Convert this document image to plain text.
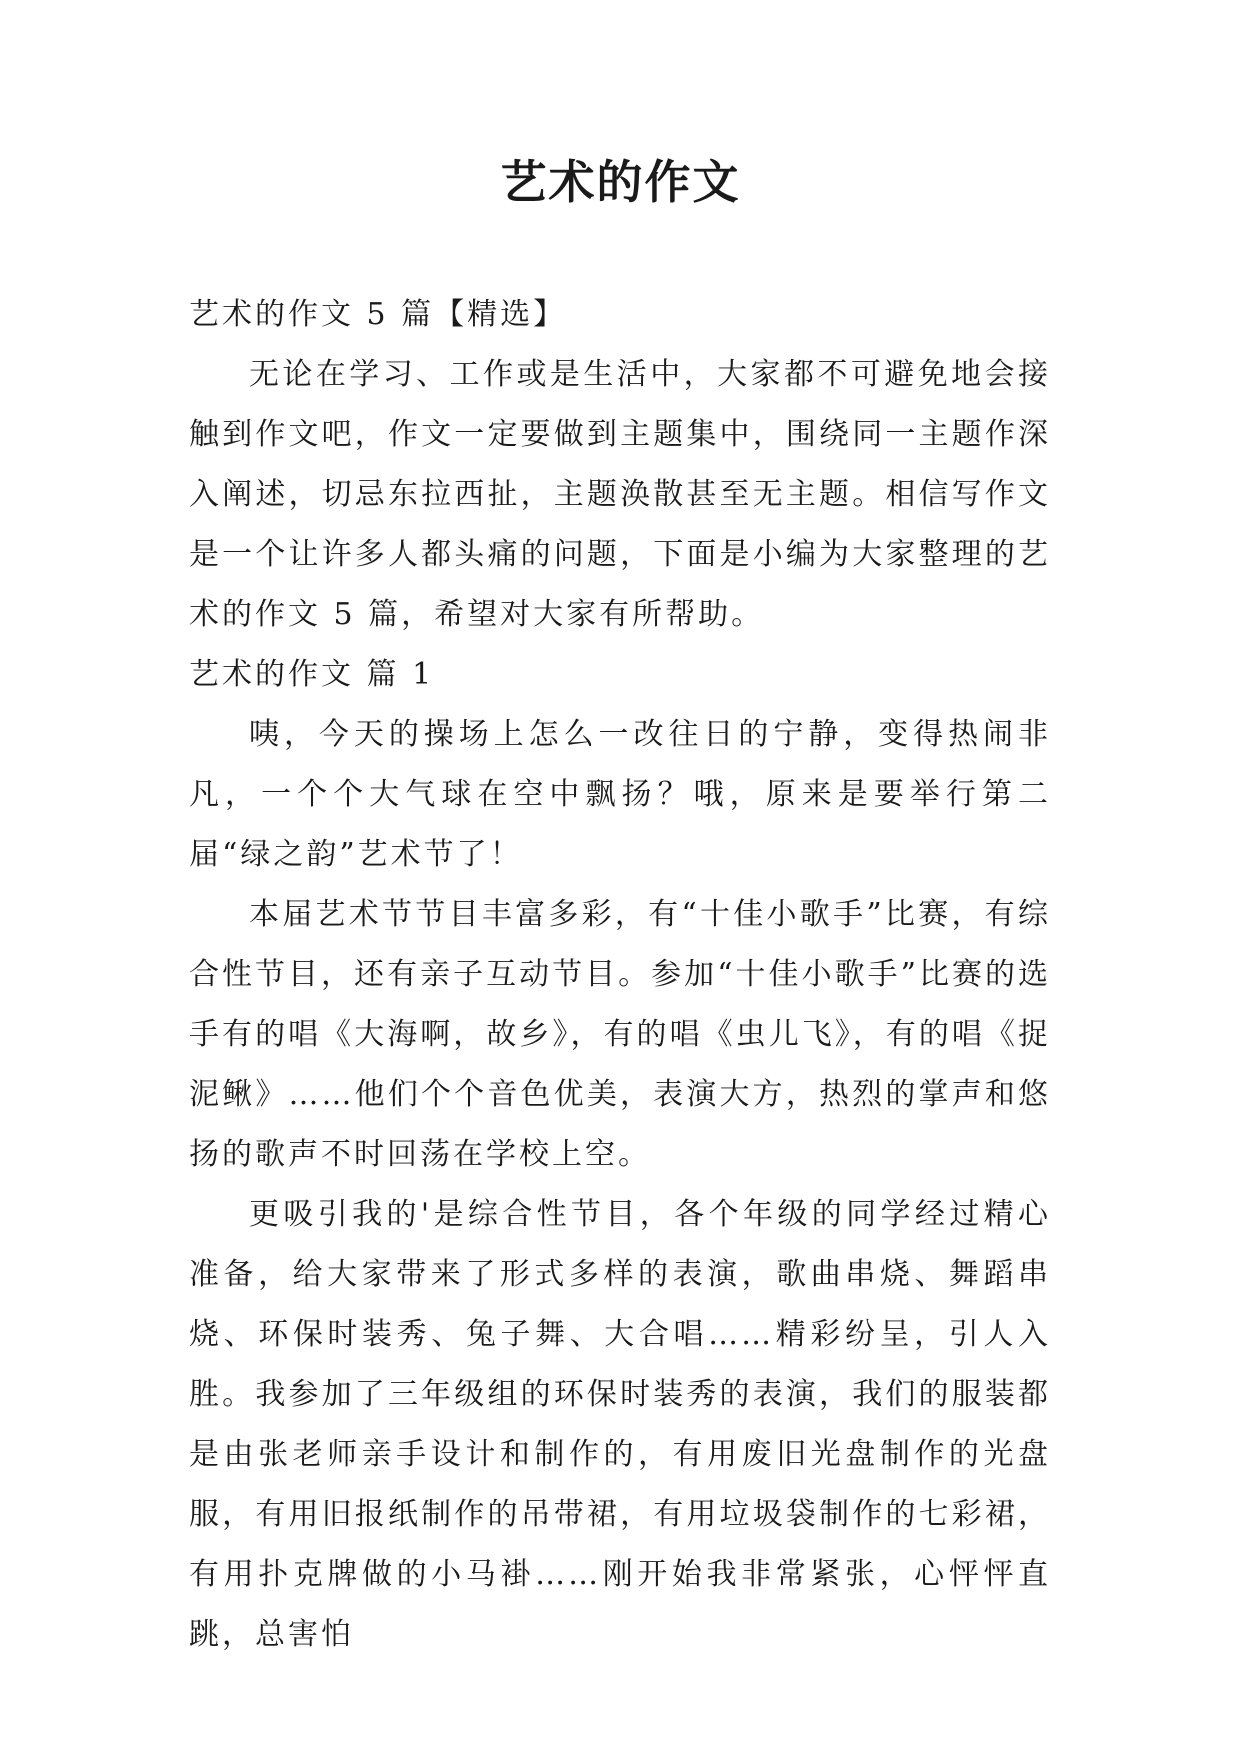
艺术的作文

艺术的作文 5 篇【精选】

无论在学习、工作或是生活中，大家都不可避免地会接触到作文吧，作文一定要做到主题集中，围绕同一主题作深入阐述，切忌东拉西扯，主题涣散甚至无主题。相信写作文是一个让许多人都头痛的问题，下面是小编为大家整理的艺术的作文 5 篇，希望对大家有所帮助。

艺术的作文 篇 1

咦，今天的操场上怎么一改往日的宁静，变得热闹非凡，一个个大气球在空中飘扬？哦，原来是要举行第二届“绿之韵”艺术节了！

本届艺术节节目丰富多彩，有“十佳小歌手”比赛，有综合性节目，还有亲子互动节目。参加“十佳小歌手”比赛的选手有的唱《大海啊，故乡》，有的唱《虫儿飞》，有的唱《捉泥鳅》……他们个个音色优美，表演大方，热烈的掌声和悠扬的歌声不时回荡在学校上空。

更吸引我的'是综合性节目，各个年级的同学经过精心准备，给大家带来了形式多样的表演，歌曲串烧、舞蹈串烧、环保时装秀、兔子舞、大合唱……精彩纷呈，引人入胜。我参加了三年级组的环保时装秀的表演，我们的服装都是由张老师亲手设计和制作的，有用废旧光盘制作的光盘服，有用旧报纸制作的吊带裙，有用垃圾袋制作的七彩裙，有用扑克牌做的小马褂……刚开始我非常紧张，心怦怦直跳，总害怕
